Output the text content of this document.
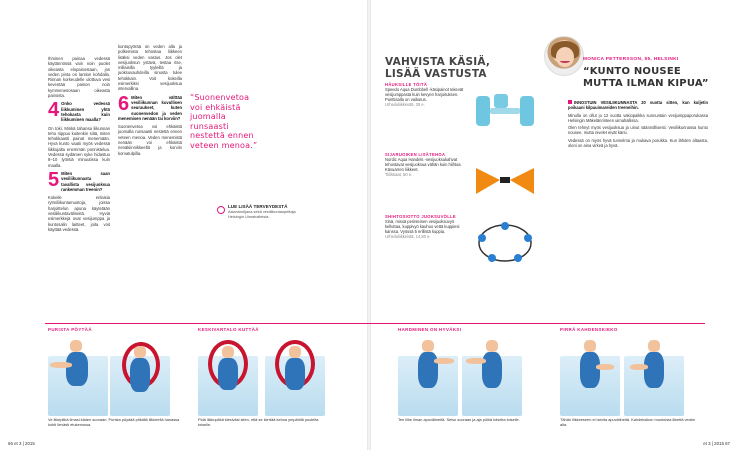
Ihminen painaa vedessä käytännössä vain noin puolet oikeasta elopainostaan, jos veden pinta on lantion kohdalla. Rinnan korkeudelle ulottuva vesi keventää painon noin kymmenesosaan oikeasta painosta.

4 Onko vedessä liikkuminen yhtä tehokasta kuin liikkuminen maalla?

On toki. Minkä tahansa liikunnan teho riippuu kuitenkin siitä, miten tehokkaasti painat menemään. Hyvä kunto vaatii myös vedessä liikkujalta enemmän ponnistelua. Vedessä sydämen syke hidastuu 8–10 lyöntiä minuutissa kuin maalla.

5 Miten saan vesiliikunnasta tavallista vesijuoksua rankemman treenin?

Kokeile erilaisia rytmiliikuntamuotoja, joissa harjoittelun apuna käytetään vesiliikuntavälineitä. Hyviä esimerkkejä ovat vesijumppa ja kuntosalin laitteet, joita voit käyttää vedessä.

kuntopyörää on veden alla ja polkemista tehostaa liikkeen lisäksi veden vastus. Jos olet vesijuoksun ystävä, testaa itse, millaisilla tyyleillä ja juoksuvauhdeilla sinusta tulee tehokkain. Voit kokeilla esimerkiksi vesijuoksua intervallina.

6 Miten välttää vesiliikunnan kuvullisen seuraukset, kuten suonenvedon ja veden menemisen nenään tai korviin?

Suonenvetoa voi ehkäistä juomalla runsaasti nestettä ennen veteen menoa. Veden menemistä nenään voi ehkäistä nenäkiinnikkeellä ja korviin korvatulpilla.

“Suonenvetoa voi ehkäistä juomalla runsaasti nestettä ennen veteen menoa.”
LUE LISÄÄ TERVEYDESTÄ
Asiantuntijana sekä vesiliikuntaopettaja Helsingin Uimahalleista.
VAHVISTA KÄSIÄ, LISÄÄ VASTUSTA
HÄUKSILLE TÖITÄ
Speedo Aqua Dumbbell -käsipainot tekevät vesijumppasta kuin kevyen harjoituksen. Punttisalla on vaikutus.
Urheiluliikkeistä, 28 e.
SIJARUOIKEN LISÄTEHOA
Nordic Aqua Handels -vesijuoksukahvat tehostavat vesijuoksua vähän kuin hiihtoa. Kävuarren liikkeet.
Tiilikkaat, 50 e.
SHIHTOSIOTTO JUOKSUVÖLLE
Sinä, missä perinteinen vesijuoksuvyö kelluttaa, kuppivyö kauhoo vettä kuppiesi kanssa. Vyössä 5 erillistä kuppia.
Urheiluliikkeistä, 14,50 e.
MONICA PETTERSSON, 55, HELSINKI
“KUNTO NOUSEE MUTTA ILMAN KIPUA”

INNOSTUIN VESILIIKUNNASTA 20 vuotta sitten, kun kuljetin poikaani kilpauimareiden treeneihin.

Minulla on ollut jo 12 vuotta vakiopaikka sunnuntain vesijumppaporukassa Helsingin Mäkelänrinteen uimahallissa.

Olen tehnyt myös vesijuoksua ja uinut säännöllisesti. Vesiliikunnassa kunto nousee, mutta nivelet eivät kärsi.

Vedessä on myös hyvä tunnelma ja mukava porukka. Kun lähden altaasta, oloni on aina virkeä ja hyvä.

PURISTA PÖYTÄÄ	KESKIVARTALO KUTTÄÄ	HARDMINEN ON HYVÄKSI	PIRRÄ KAHDENSKIEKO
Ve liikepitkä ilmasi käden suoraan. Purista pöydää pitkällä liikkeellä hanassa kohti lievästi etukenossa.
Pidä liikkupitkä kiesiväsi siten, että se kiertää kehoa ympärillä puolelta toiselle.
Tee liike ilman apuvälineitä. Seiso suoraan ja aja pölkä toiselta toiselle.	Tähän liikkeeseen ei tarvita apuvälineitä. Kahdeksikon muotoista liikettä veden alla.
66 et 3 | 2015	et 3 | 2015 67
